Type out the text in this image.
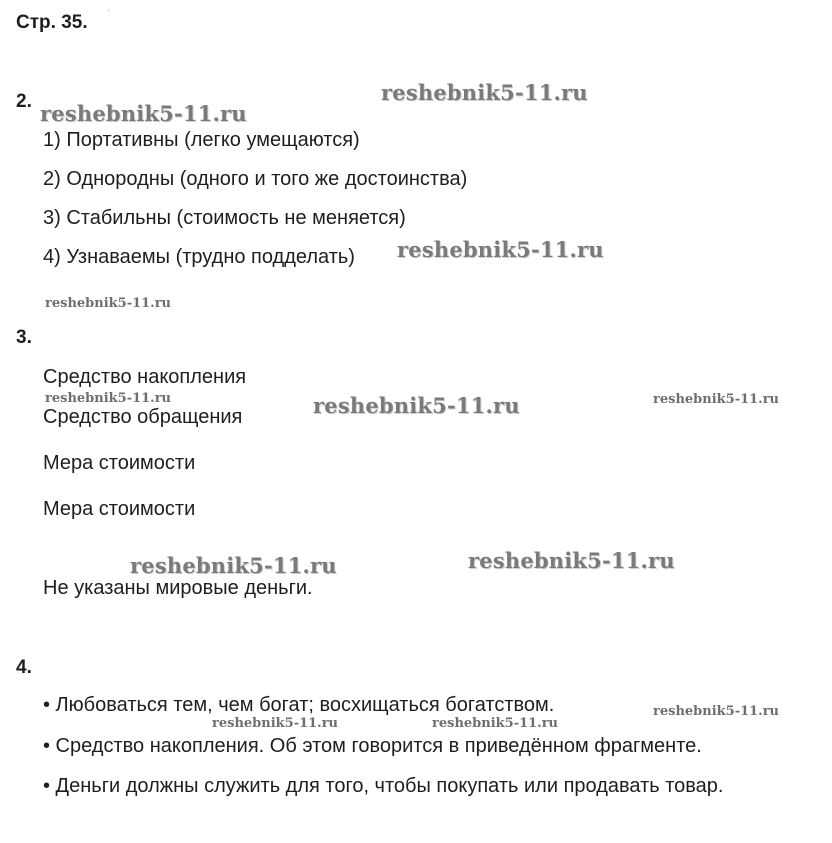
Стр. 35. '
2.
1) Портативны (легко умещаются)
2) Однородны (одного и того же достоинства)
3) Стабильны (стоимость не меняется)
4) Узнаваемы (трудно подделать)
3.
Средство накопления
Средство обращения
Мера стоимости
Мера стоимости
Не указаны мировые деньги.
4.
• Любоваться тем, чем богат; восхищаться богатством.
• Средство накопления. Об этом говорится в приведённом фрагменте.
• Деньги должны служить для того, чтобы покупать или продавать товар.
reshebnik5-11.ru
reshebnik5-11.ru
reshebnik5-11.ru
reshebnik5-11.ru
reshebnik5-11.ru	reshebnik5-11.ru	reshebnik5-11.ru
reshebnik5-11.ru	reshebnik5-11.ru
reshebnik5-11.ru
reshebnik5-11.ru	reshebnik5-11.ru
